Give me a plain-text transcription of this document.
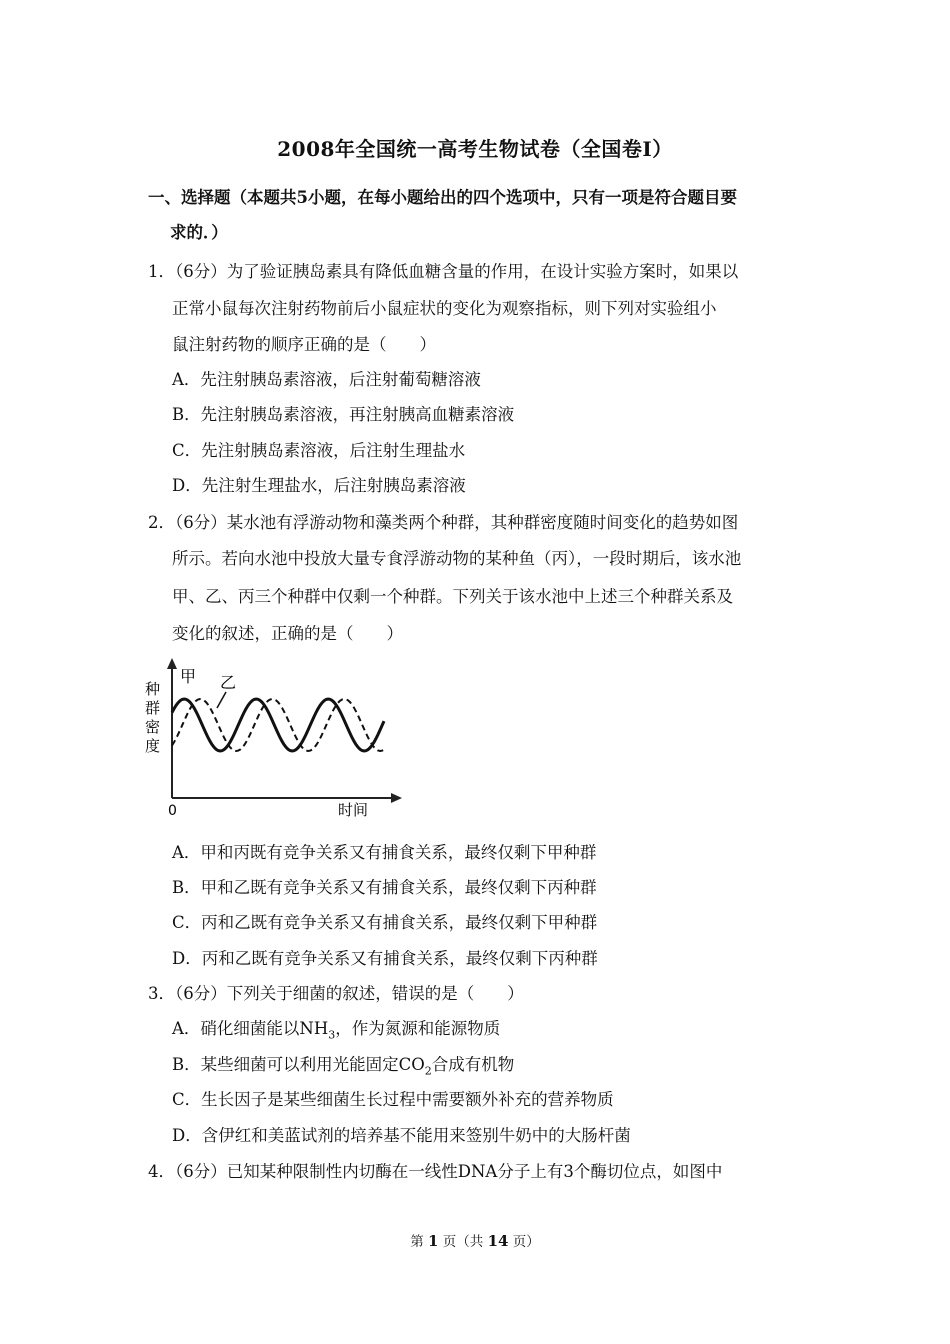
2008年全国统一高考生物试卷（全国卷Ⅰ）
一、选择题（本题共5小题，在每小题给出的四个选项中，只有一项是符合题目要
求的．）
1．（6分）为了验证胰岛素具有降低血糖含量的作用，在设计实验方案时，如果以
正常小鼠每次注射药物前后小鼠症状的变化为观察指标，则下列对实验组小
鼠注射药物的顺序正确的是（　　）
A．先注射胰岛素溶液，后注射葡萄糖溶液
B．先注射胰岛素溶液，再注射胰高血糖素溶液
C．先注射胰岛素溶液，后注射生理盐水
D．先注射生理盐水，后注射胰岛素溶液
2．（6分）某水池有浮游动物和藻类两个种群，其种群密度随时间变化的趋势如图
所示。若向水池中投放大量专食浮游动物的某种鱼（丙），一段时期后，该水池
甲、乙、丙三个种群中仅剩一个种群。下列关于该水池中上述三个种群关系及
变化的叙述，正确的是（　　）
种
群
密
度
甲 乙
0	时间
A．甲和丙既有竞争关系又有捕食关系，最终仅剩下甲种群
B．甲和乙既有竞争关系又有捕食关系，最终仅剩下丙种群
C．丙和乙既有竞争关系又有捕食关系，最终仅剩下甲种群
D．丙和乙既有竞争关系又有捕食关系，最终仅剩下丙种群
3．（6分）下列关于细菌的叙述，错误的是（　　）
A．硝化细菌能以$NH_3$，作为氮源和能源物质
B．某些细菌可以利用光能固定$CO_2$合成有机物
C．生长因子是某些细菌生长过程中需要额外补充的营养物质
D．含伊红和美蓝试剂的培养基不能用来签别牛奶中的大肠杆菌
4．（6分）已知某种限制性内切酶在一线性DNA分子上有3个酶切位点，如图中
第 1 页（共 14 页）
